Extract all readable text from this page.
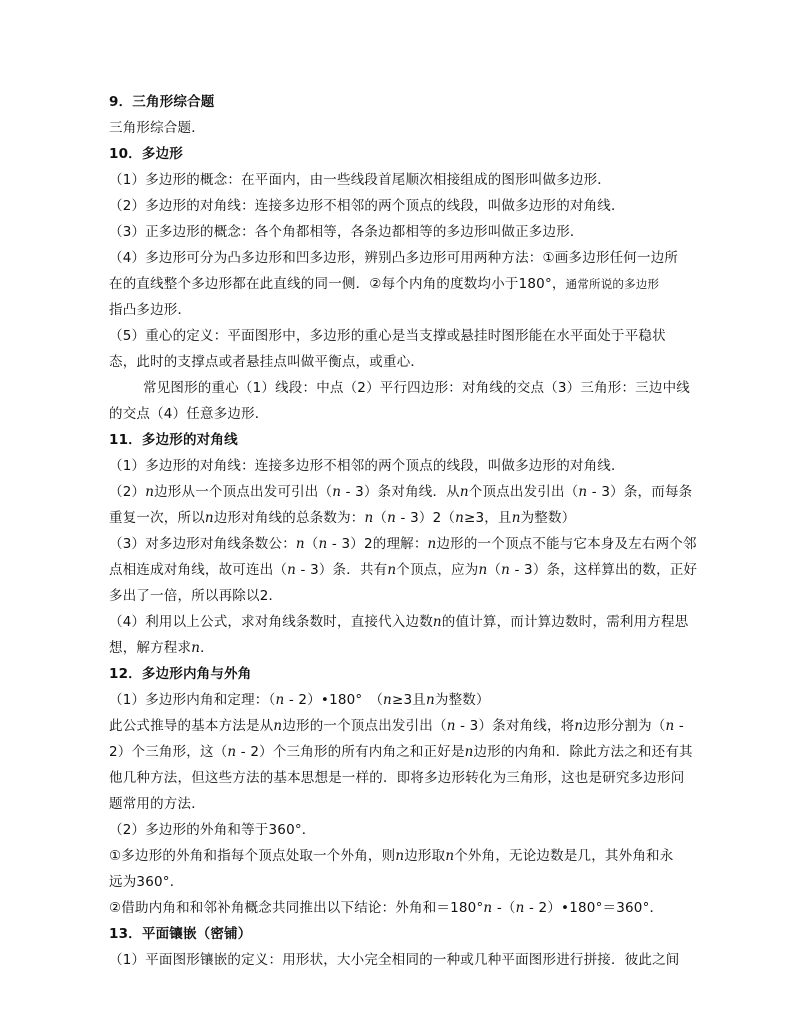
9．三角形综合题
三角形综合题．
10．多边形
（1）多边形的概念：在平面内，由一些线段首尾顺次相接组成的图形叫做多边形．
（2）多边形的对角线：连接多边形不相邻的两个顶点的线段，叫做多边形的对角线．
（3）正多边形的概念：各个角都相等，各条边都相等的多边形叫做正多边形．
（4）多边形可分为凸多边形和凹多边形，辨别凸多边形可用两种方法：①画多边形任何一边所
在的直线整个多边形都在此直线的同一侧．②每个内角的度数均小于180°，通常所说的多边形
指凸多边形．
（5）重心的定义：平面图形中，多边形的重心是当支撑或悬挂时图形能在水平面处于平稳状
态，此时的支撑点或者悬挂点叫做平衡点，或重心．
常见图形的重心（1）线段：中点（2）平行四边形：对角线的交点（3）三角形：三边中线
的交点（4）任意多边形．
11．多边形的对角线
（1）多边形的对角线：连接多边形不相邻的两个顶点的线段，叫做多边形的对角线．
（2）n边形从一个顶点出发可引出（n - 3）条对角线．从n个顶点出发引出（n - 3）条，而每条
重复一次，所以n边形对角线的总条数为：n（n - 3）2（n≥3，且n为整数）
（3）对多边形对角线条数公：n（n - 3）2的理解：n边形的一个顶点不能与它本身及左右两个邻
点相连成对角线，故可连出（n - 3）条．共有n个顶点，应为n（n - 3）条，这样算出的数，正好
多出了一倍，所以再除以2．
（4）利用以上公式，求对角线条数时，直接代入边数n的值计算，而计算边数时，需利用方程思
想，解方程求n．
12．多边形内角与外角
（1）多边形内角和定理：（n - 2）•180°　（n≥3且n为整数）
此公式推导的基本方法是从n边形的一个顶点出发引出（n - 3）条对角线，将n边形分割为（n -
2）个三角形，这（n - 2）个三角形的所有内角之和正好是n边形的内角和．除此方法之和还有其
他几种方法，但这些方法的基本思想是一样的．即将多边形转化为三角形，这也是研究多边形问
题常用的方法．
（2）多边形的外角和等于360°．
①多边形的外角和指每个顶点处取一个外角，则n边形取n个外角，无论边数是几，其外角和永
远为360°．
②借助内角和和邻补角概念共同推出以下结论：外角和＝180°n -（n - 2）•180°＝360°．
13．平面镶嵌（密铺）
（1）平面图形镶嵌的定义：用形状，大小完全相同的一种或几种平面图形进行拼接．彼此之间
